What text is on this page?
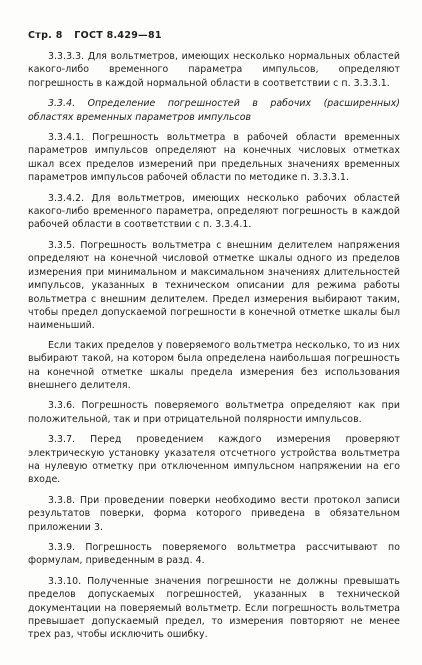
Стр. 8 ГОСТ 8.429—81

3.3.3.3. Для вольтметров, имеющих несколько нормальных областей какого-либо временного параметра импульсов, определяют погрешность в каждой нормальной области в соответствии с п. 3.3.3.1.

3.3.4. Определение погрешностей в рабочих (расширенных) областях временных параметров импульсов

3.3.4.1. Погрешность вольтметра в рабочей области временных параметров импульсов определяют на конечных числовых отметках шкал всех пределов измерений при предельных значениях временных параметров импульсов рабочей области по методике п. 3.3.3.1.

3.3.4.2. Для вольтметров, имеющих несколько рабочих областей какого-либо временного параметра, определяют погрешность в каждой рабочей области в соответствии с п. 3.3.4.1.

3.3.5. Погрешность вольтметра с внешним делителем напряжения определяют на конечной числовой отметке шкалы одного из пределов измерения при минимальном и максимальном значениях длительностей импульсов, указанных в техническом описании для режима работы вольтметра с внешним делителем. Предел измерения выбирают таким, чтобы предел допускаемой погрешности в конечной отметке шкалы был наименьший.

Если таких пределов у поверяемого вольтметра несколько, то из них выбирают такой, на котором была определена наибольшая погрешность на конечной отметке шкалы предела измерения без использования внешнего делителя.

3.3.6. Погрешность поверяемого вольтметра определяют как при положительной, так и при отрицательной полярности импульсов.

3.3.7. Перед проведением каждого измерения проверяют электрическую установку указателя отсчетного устройства вольтметра на нулевую отметку при отключенном импульсном напряжении на его входе.

3.3.8. При проведении поверки необходимо вести протокол записи результатов поверки, форма которого приведена в обязательном приложении 3.

3.3.9. Погрешность поверяемого вольтметра рассчитывают по формулам, приведенным в разд. 4.

3.3.10. Полученные значения погрешности не должны превышать пределов допускаемых погрешностей, указанных в технической документации на поверяемый вольтметр. Если погрешность вольтметра превышает допускаемый предел, то измерения повторяют не менее трех раз, чтобы исключить ошибку.
